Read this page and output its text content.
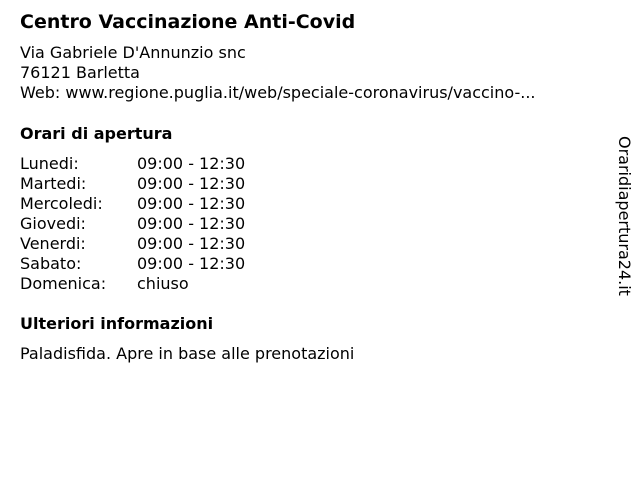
Centro Vaccinazione Anti-Covid
Via Gabriele D'Annunzio snc
76121 Barletta
Web: www.regione.puglia.it/web/speciale-coronavirus/vaccino-...
Orari di apertura
Lunedi:	09:00 - 12:30
Martedi:	09:00 - 12:30
Mercoledi: 09:00 - 12:30
Giovedi:	09:00 - 12:30
Venerdi:	09:00 - 12:30
Sabato:	09:00 - 12:30
Domenica: chiuso
Ulteriori informazioni
Paladisfida. Apre in base alle prenotazioni
Oraridiapertura24.it
